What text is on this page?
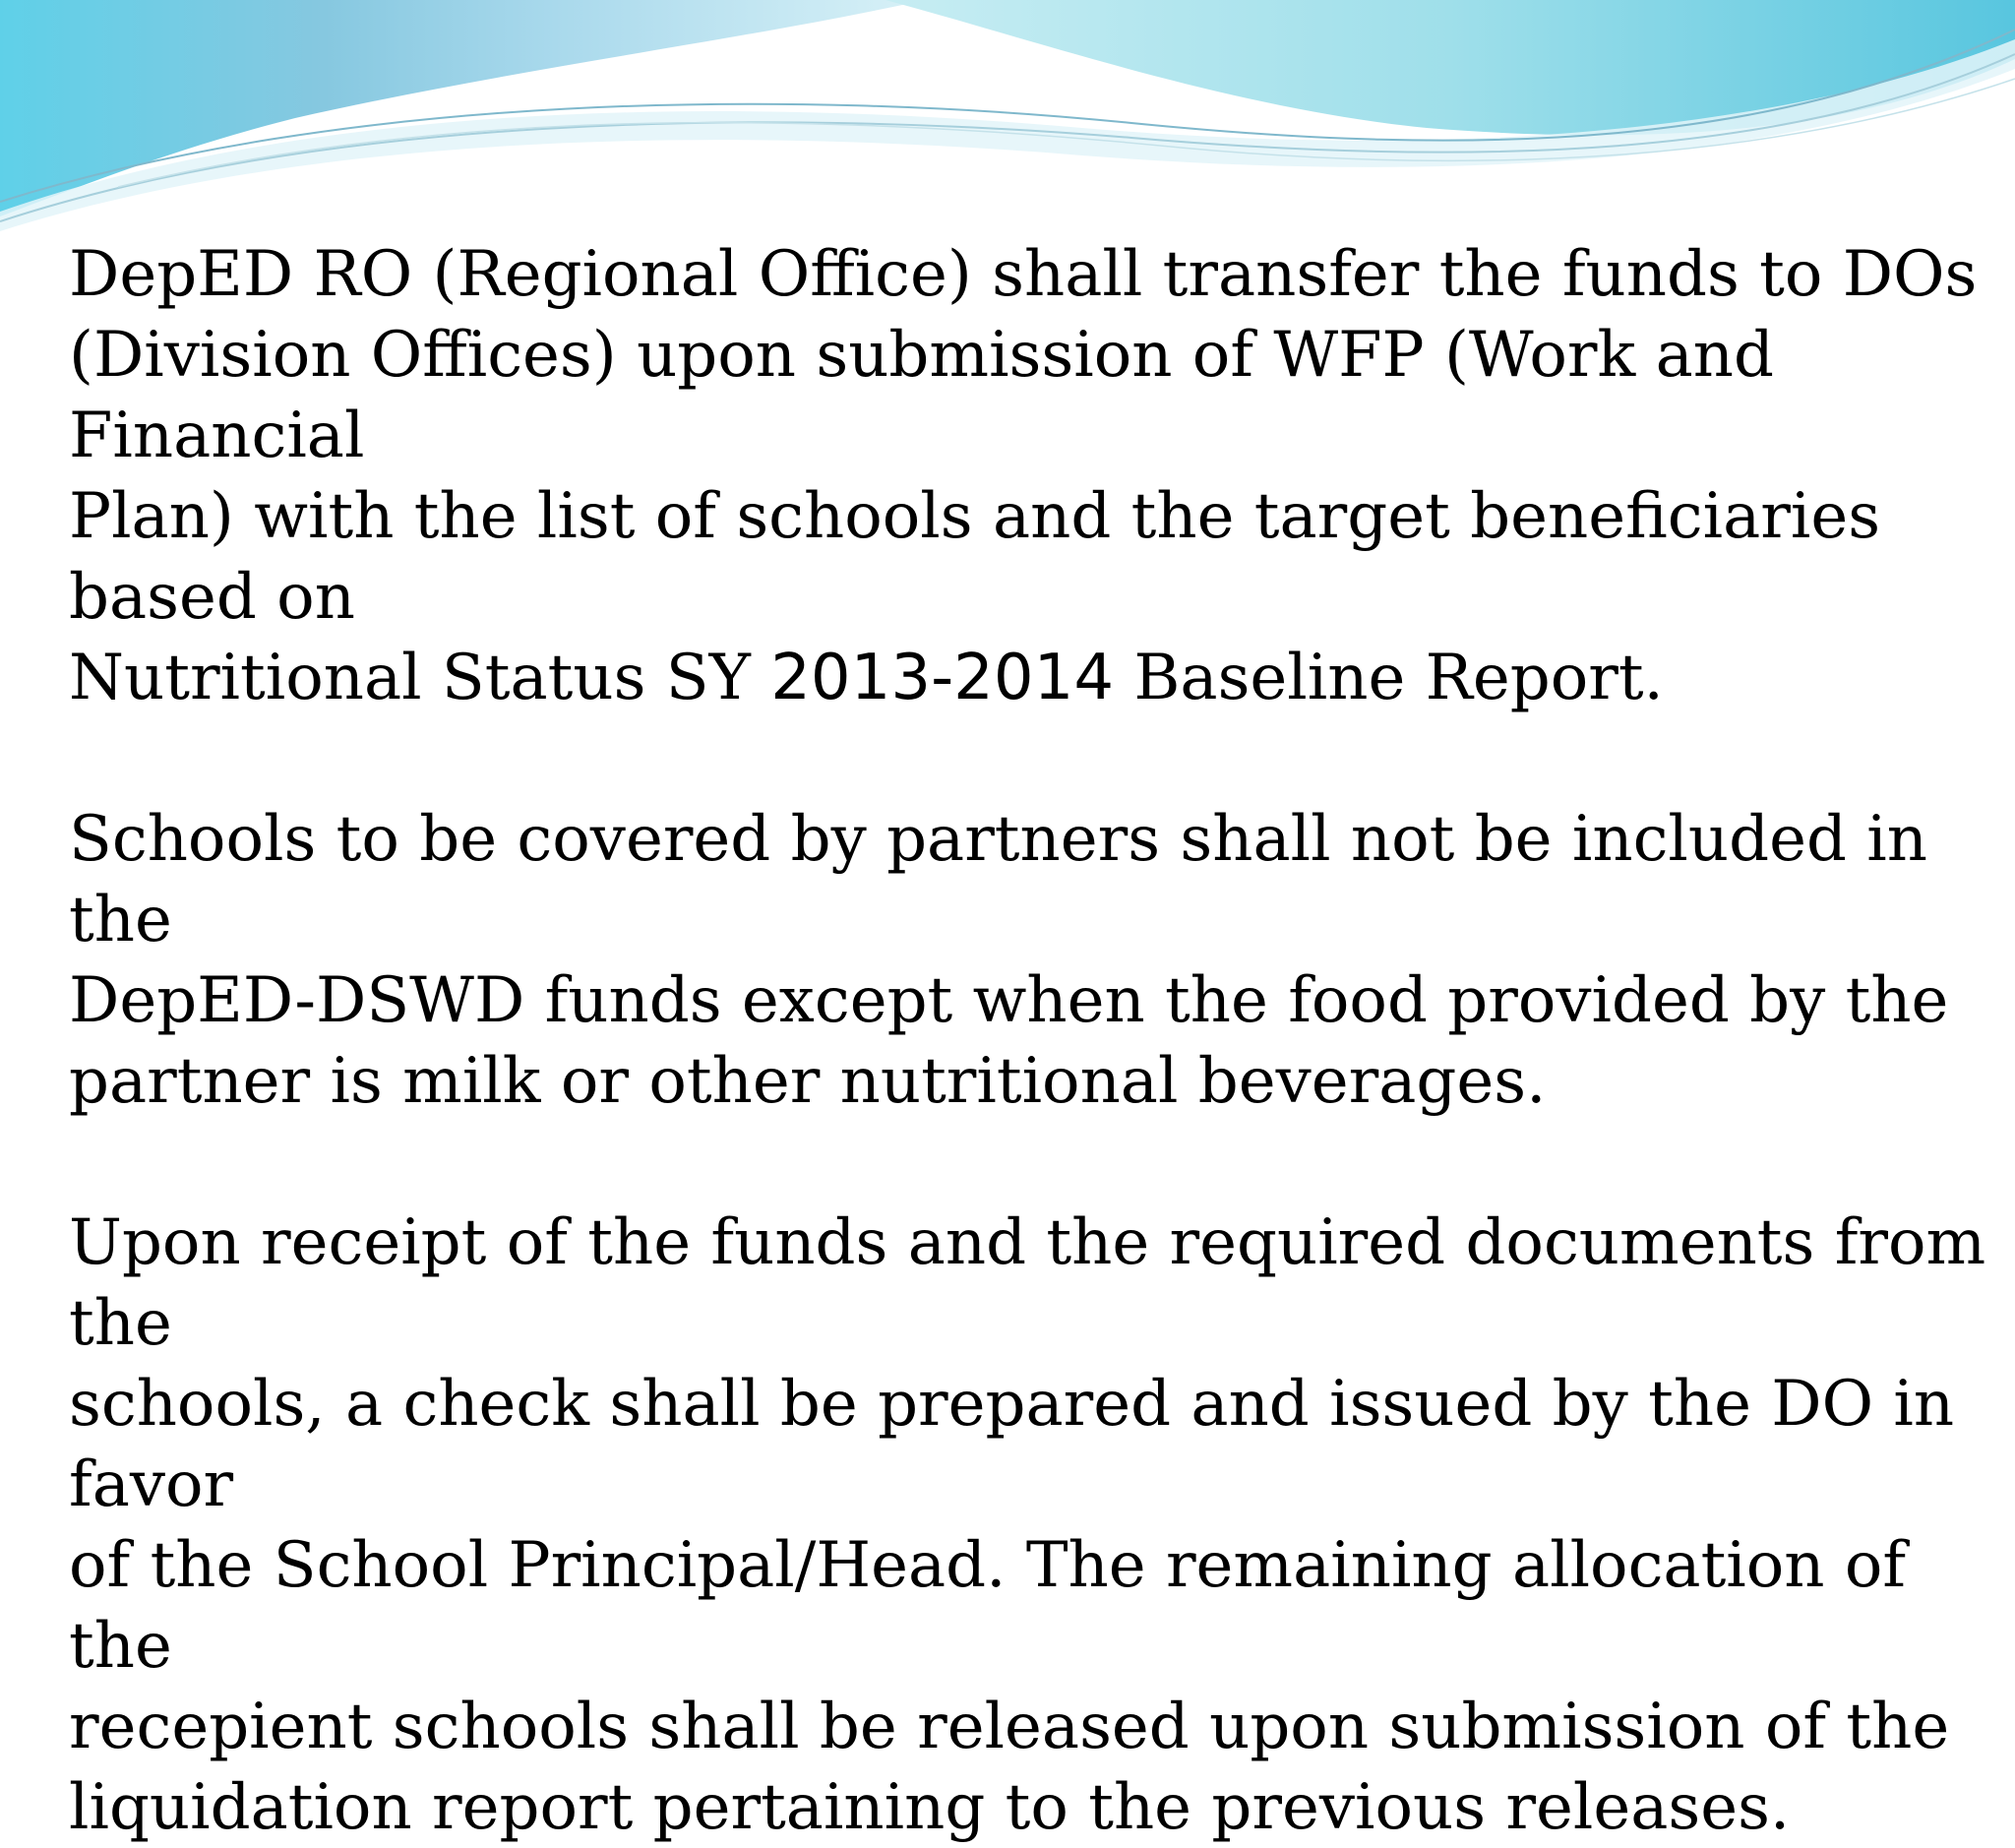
DepED RO (Regional Office) shall transfer the funds to DOs
(Division Offices) upon submission of WFP (Work and Financial
Plan) with the list of schools and the target beneficiaries based on
Nutritional Status SY 2013-2014 Baseline Report.

Schools to be covered by partners shall not be included in the
DepED-DSWD funds except when the food provided by the
partner is milk or other nutritional beverages.

Upon receipt of the funds and the required documents from the
schools, a check shall be prepared and issued by the DO in favor
of the School Principal/Head. The remaining allocation of the
recepient schools shall be released upon submission of the
liquidation report pertaining to the previous releases.
